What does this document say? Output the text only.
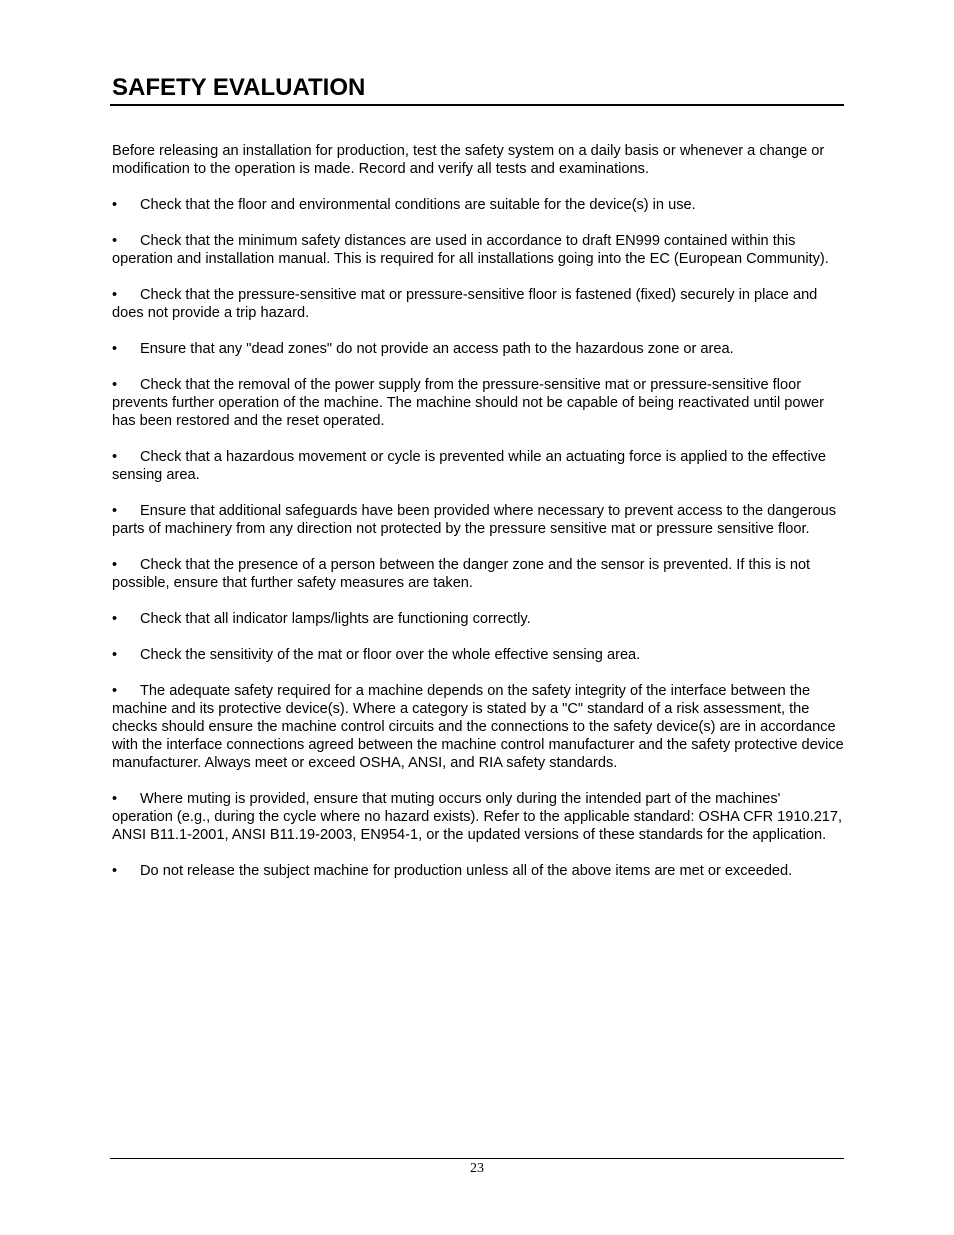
SAFETY EVALUATION

Before releasing an installation for production, test the safety system on a daily basis or whenever a change or modification to the operation is made. Record and verify all tests and examinations.

• Check that the floor and environmental conditions are suitable for the device(s) in use.
• Check that the minimum safety distances are used in accordance to draft EN999 contained within this operation and installation manual. This is required for all installations going into the EC (European Community).
• Check that the pressure-sensitive mat or pressure-sensitive floor is fastened (fixed) securely in place and does not provide a trip hazard.
• Ensure that any "dead zones" do not provide an access path to the hazardous zone or area.
• Check that the removal of the power supply from the pressure-sensitive mat or pressure-sensitive floor prevents further operation of the machine. The machine should not be capable of being reactivated until power has been restored and the reset operated.
• Check that a hazardous movement or cycle is prevented while an actuating force is applied to the effective sensing area.
• Ensure that additional safeguards have been provided where necessary to prevent access to the dangerous parts of machinery from any direction not protected by the pressure sensitive mat or pressure sensitive floor.
• Check that the presence of a person between the danger zone and the sensor is prevented. If this is not possible, ensure that further safety measures are taken.
• Check that all indicator lamps/lights are functioning correctly.
• Check the sensitivity of the mat or floor over the whole effective sensing area.
• The adequate safety required for a machine depends on the safety integrity of the interface between the machine and its protective device(s). Where a category is stated by a "C" standard of a risk assessment, the checks should ensure the machine control circuits and the connections to the safety device(s) are in accordance with the interface connections agreed between the machine control manufacturer and the safety protective device manufacturer. Always meet or exceed OSHA, ANSI, and RIA safety standards.
• Where muting is provided, ensure that muting occurs only during the intended part of the machines' operation (e.g., during the cycle where no hazard exists). Refer to the applicable standard: OSHA CFR 1910.217, ANSI B11.1-2001, ANSI B11.19-2003, EN954-1, or the updated versions of these standards for the application.
• Do not release the subject machine for production unless all of the above items are met or exceeded.
23
